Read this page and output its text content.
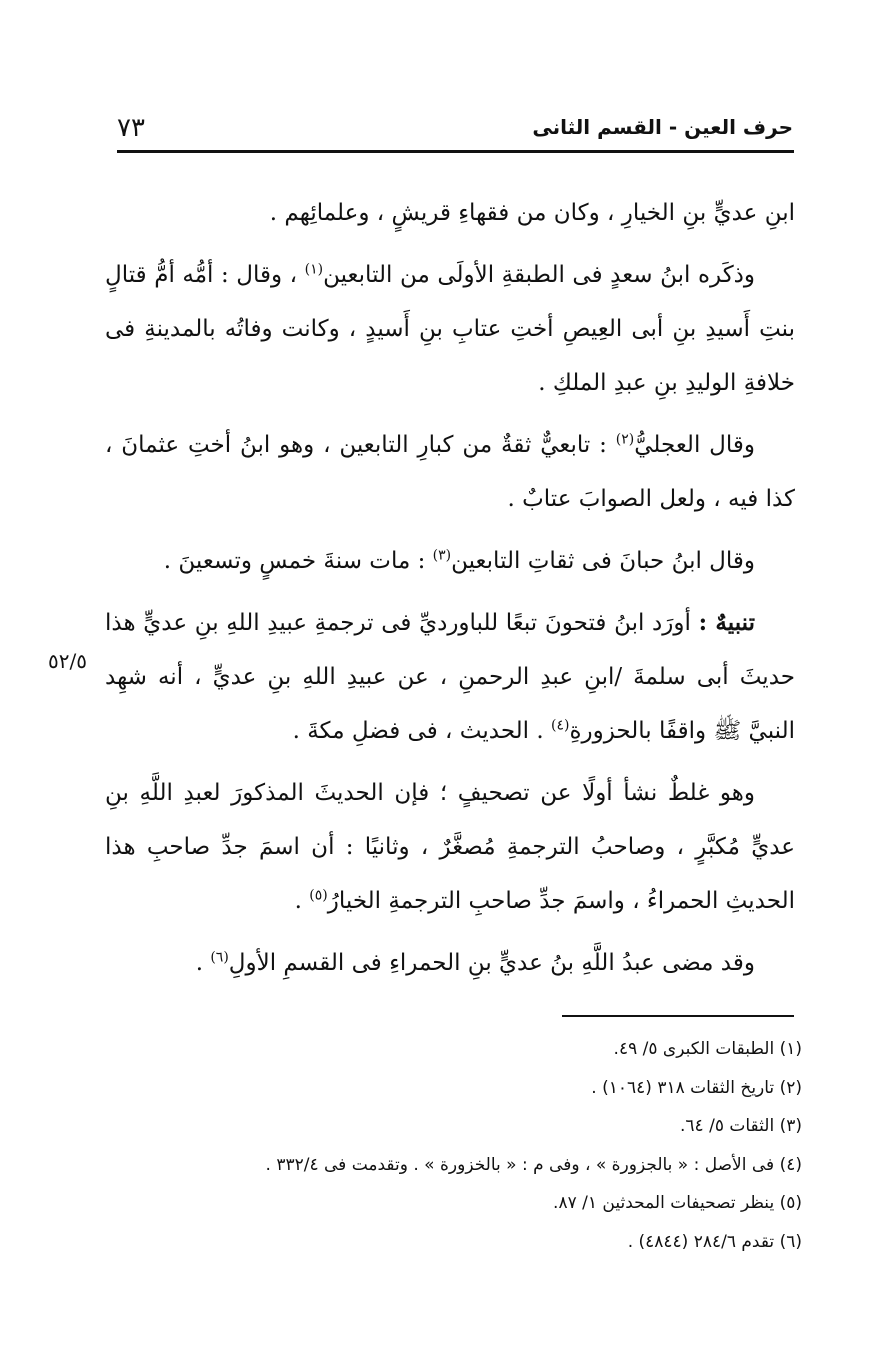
حرف العين - القسم الثانى
٧٣

ابنِ عديٍّ بنِ الخيارِ ، وكان من فقهاءِ قريشٍ ، وعلمائِهم .

وذكَره ابنُ سعدٍ فى الطبقةِ الأولَى من التابعين$^{(١)}$ ، وقال : أمُّه أمُّ قتالٍ بنتِ أَسيدِ بنِ أبى العِيصِ أختِ عتابِ بنِ أَسيدٍ ، وكانت وفاتُه بالمدينةِ فى خلافةِ الوليدِ بنِ عبدِ الملكِ .

وقال العجليُّ$^{(٢)}$ : تابعيٌّ ثقةٌ من كبارِ التابعين ، وهو ابنُ أختِ عثمانَ ، كذا فيه ، ولعل الصوابَ عتابٌ .

وقال ابنُ حبانَ فى ثقاتِ التابعين$^{(٣)}$ : مات سنةَ خمسٍ وتسعينَ .

تنبيهٌ : أورَد ابنُ فتحونَ تبعًا للباورديِّ فى ترجمةِ عبيدِ اللهِ بنِ عديٍّ هذا حديثَ أبى سلمةَ /ابنِ عبدِ الرحمنِ ، عن عبيدِ اللهِ بنِ عديٍّ ، أنه شهِد النبيَّ ﷺ واقفًا بالحزورةِ$^{(٤)}$ . الحديث ، فى فضلِ مكةَ .

وهو غلطٌ نشأ أولًا عن تصحيفٍ ؛ فإن الحديثَ المذكورَ لعبدِ اللَّهِ بنِ عديٍّ مُكبَّرٍ ، وصاحبُ الترجمةِ مُصغَّرٌ ، وثانيًا : أن اسمَ جدِّ صاحبِ هذا الحديثِ الحمراءُ ، واسمَ جدِّ صاحبِ الترجمةِ الخيارُ$^{(٥)}$ .

وقد مضى عبدُ اللَّهِ بنُ عديٍّ بنِ الحمراءِ فى القسمِ الأولِ$^{(٦)}$ .

٥٢/٥
(١) الطبقات الكبرى ٥/ ٤٩.
(٢) تاريخ الثقات ٣١٨ (١٠٦٤) .
(٣) الثقات ٥/ ٦٤.
(٤) فى الأصل : « بالجزورة » ، وفى م : « بالخزورة » . وتقدمت فى ٣٣٢/٤ .
(٥) ينظر تصحيفات المحدثين ١/ ٨٧.
(٦) تقدم ٢٨٤/٦ (٤٨٤٤) .
